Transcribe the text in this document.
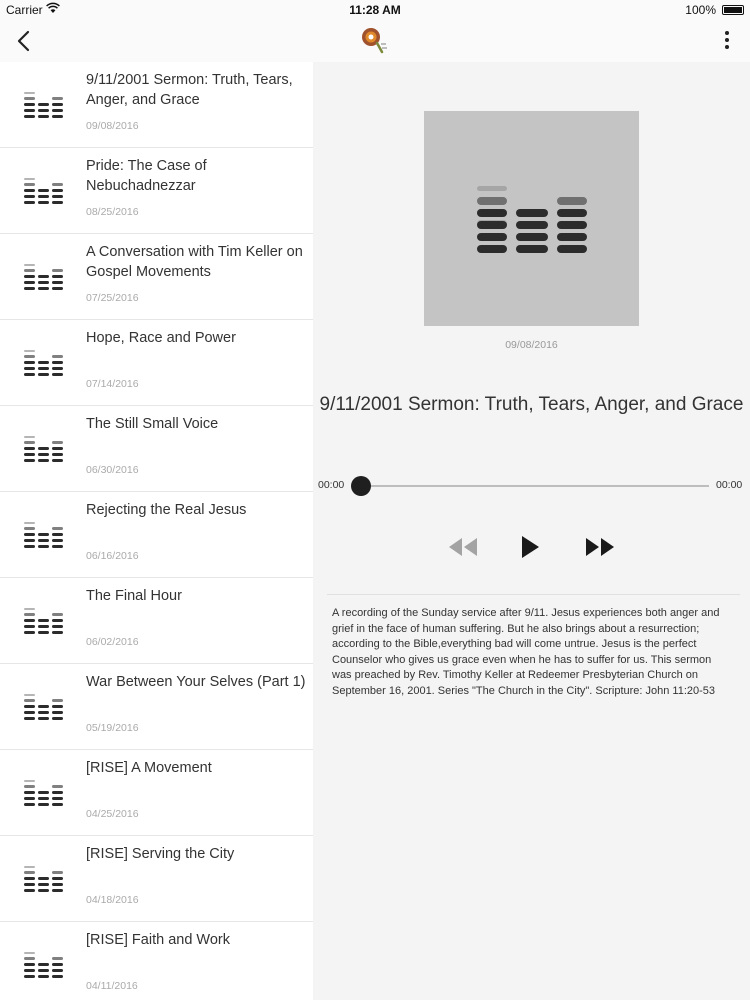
Carrier	11:28 AM	100%
9/11/2001 Sermon: Truth, Tears, Anger, and Grace
09/08/2016
Pride: The Case of Nebuchadnezzar
08/25/2016
A Conversation with Tim Keller on Gospel Movements
07/25/2016
Hope, Race and Power
07/14/2016
The Still Small Voice
06/30/2016
Rejecting the Real Jesus
06/16/2016
The Final Hour
06/02/2016
War Between Your Selves (Part 1)
05/19/2016
[RISE] A Movement
04/25/2016
[RISE] Serving the City
04/18/2016
[RISE] Faith and Work
04/11/2016
09/08/2016
9/11/2001 Sermon: Truth, Tears, Anger, and Grace
00:00	00:00
A recording of the Sunday service after 9/11. Jesus experiences both anger and grief in the face of human suffering. But he also brings about a resurrection; according to the Bible,everything bad will come untrue. Jesus is the perfect Counselor who gives us grace even when he has to suffer for us. This sermon was preached by Rev. Timothy Keller at Redeemer Presbyterian Church on September 16, 2001. Series "The Church in the City". Scripture: John 11:20-53
